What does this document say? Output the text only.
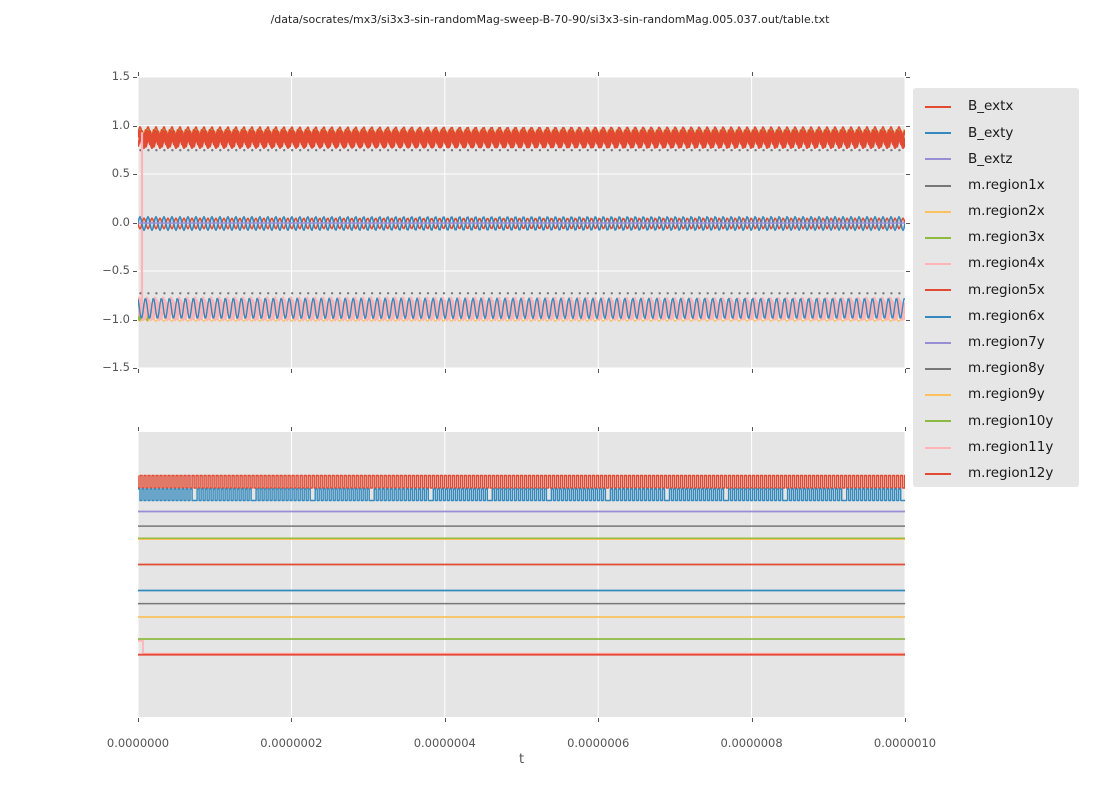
/data/socrates/mx3/si3x3-sin-randomMag-sweep-B-70-90/si3x3-sin-randomMag.005.037.out/table.txt
t
B_extx
B_exty
B_extz
m.region1x
m.region2x
m.region3x
m.region4x
m.region5x
m.region6x
m.region7y
m.region8y
m.region9y
m.region10y
m.region11y
m.region12y
1.5
1.0
0.5
0.0
−0.5
−1.0
−1.5
0.0000000	0.0000002	0.0000004	0.0000006	0.0000008	0.0000010
